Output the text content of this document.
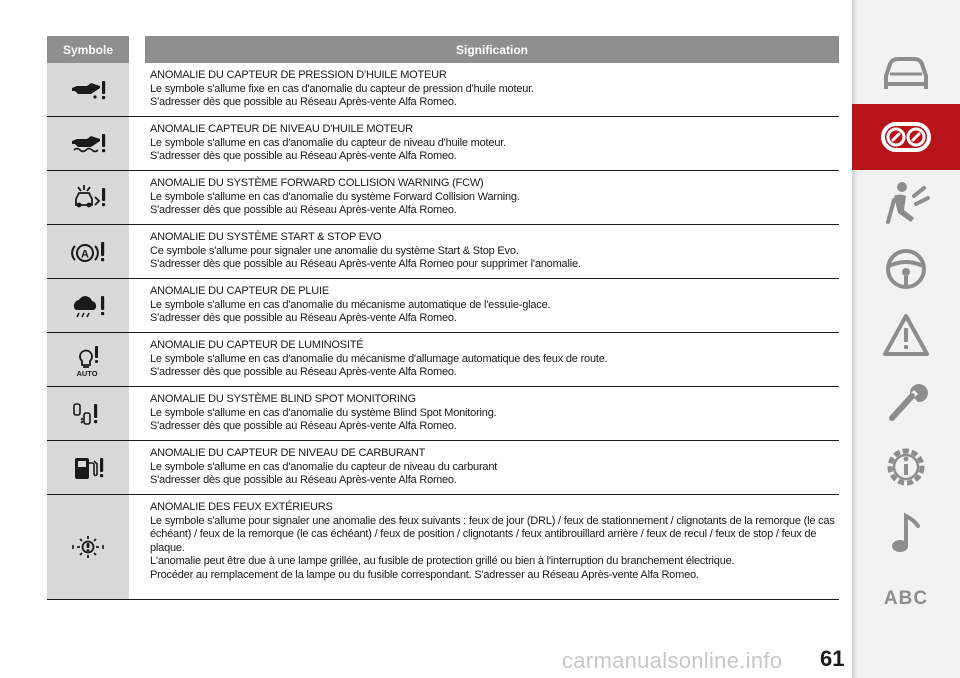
Symbole	Signification
ANOMALIE DU CAPTEUR DE PRESSION D'HUILE MOTEUR
Le symbole s'allume fixe en cas d'anomalie du capteur de pression d'huile moteur.
S'adresser dès que possible au Réseau Après-vente Alfa Romeo.
ANOMALIE CAPTEUR DE NIVEAU D'HUILE MOTEUR
Le symbole s'allume en cas d'anomalie du capteur de niveau d'huile moteur.
S'adresser dès que possible au Réseau Après-vente Alfa Romeo.
ANOMALIE DU SYSTÈME FORWARD COLLISION WARNING (FCW)
Le symbole s'allume en cas d'anomalie du système Forward Collision Warning.
S'adresser dès que possible au Réseau Après-vente Alfa Romeo.
A
ANOMALIE DU SYSTÈME START & STOP EVO
Ce symbole s'allume pour signaler une anomalie du système Start & Stop Evo.
S'adresser dès que possible au Réseau Après-vente Alfa Romeo pour supprimer l'anomalie.
ANOMALIE DU CAPTEUR DE PLUIE
Le symbole s'allume en cas d'anomalie du mécanisme automatique de l'essuie-glace.
S'adresser dès que possible au Réseau Après-vente Alfa Romeo.
AUTO
ANOMALIE DU CAPTEUR DE LUMINOSITÉ
Le symbole s'allume en cas d'anomalie du mécanisme d'allumage automatique des feux de route.
S'adresser dès que possible au Réseau Après-vente Alfa Romeo.
ANOMALIE DU SYSTÈME BLIND SPOT MONITORING
Le symbole s'allume en cas d'anomalie du système Blind Spot Monitoring.
S'adresser dès que possible au Réseau Après-vente Alfa Romeo.
ANOMALIE DU CAPTEUR DE NIVEAU DE CARBURANT
Le symbole s'allume en cas d'anomalie du capteur de niveau du carburant
S'adresser dès que possible au Réseau Après-vente Alfa Romeo.
ANOMALIE DES FEUX EXTÉRIEURS
Le symbole s'allume pour signaler une anomalie des feux suivants : feux de jour (DRL) / feux de stationnement / clignotants de la remorque (le cas échéant) / feux de la remorque (le cas échéant) / feux de position / clignotants / feux antibrouillard arrière / feux de recul / feux de stop / feux de plaque.
L'anomalie peut être due à une lampe grillée, au fusible de protection grillé ou bien à l'interruption du branchement électrique.
Procéder au remplacement de la lampe ou du fusible correspondant. S'adresser au Réseau Après-vente Alfa Romeo.
carmanualsonline.info 61
ABC
